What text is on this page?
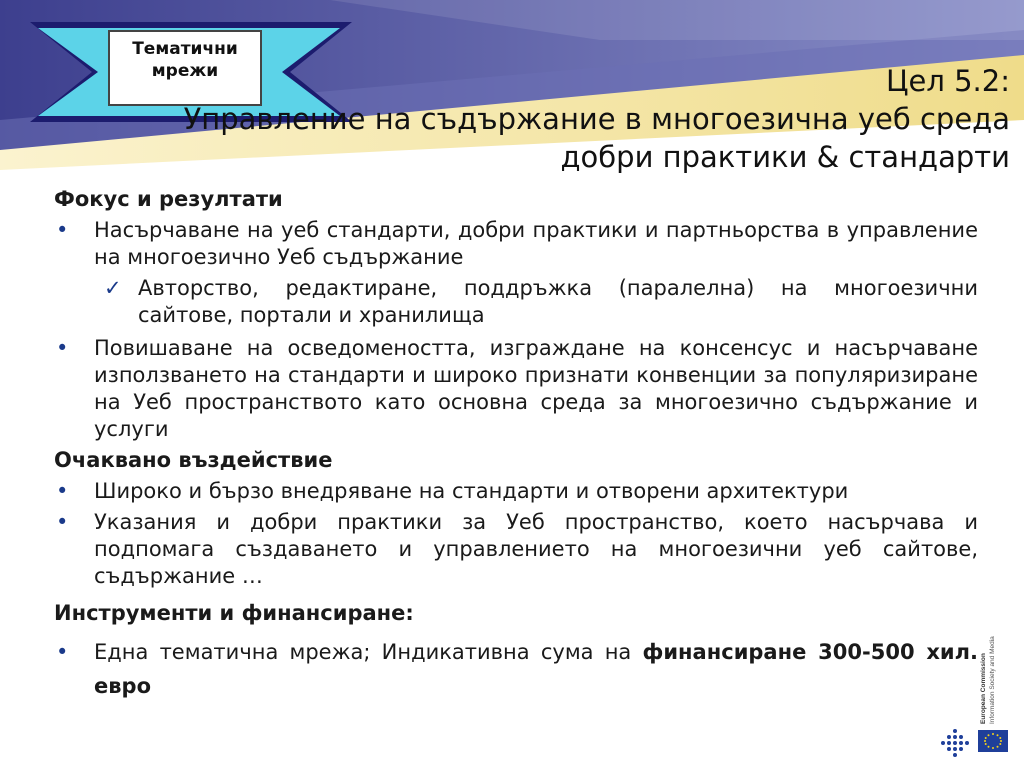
Тематични мрежи	Цел 5.2:
Управление на съдържание в многоезична уеб среда
добри практики & стандарти
Фокус и резултати
• Насърчаване на уеб стандарти, добри практики и партньорства в управление на многоезично Уеб съдържание
✓ Авторство, редактиране, поддръжка (паралелна) на многоезични сайтове, портали и хранилища
• Повишаване на осведомеността, изграждане на консенсус и насърчаване използването на стандарти и широко признати конвенции за популяризиране на Уеб пространството като основна среда за многоезично съдържание и услуги
Очаквано въздействие
• Широко и бързо внедряване на стандарти и отворени архитектури
• Указания и добри практики за Уеб пространство, което насърчава и подпомага създаването и управлението на многоезични уеб сайтове, съдържание …
Инструменти и финансиране:
• Една тематична мрежа; Индикативна сума на финансиране 300-500 хил. евро	European Commission Information Society and Media
